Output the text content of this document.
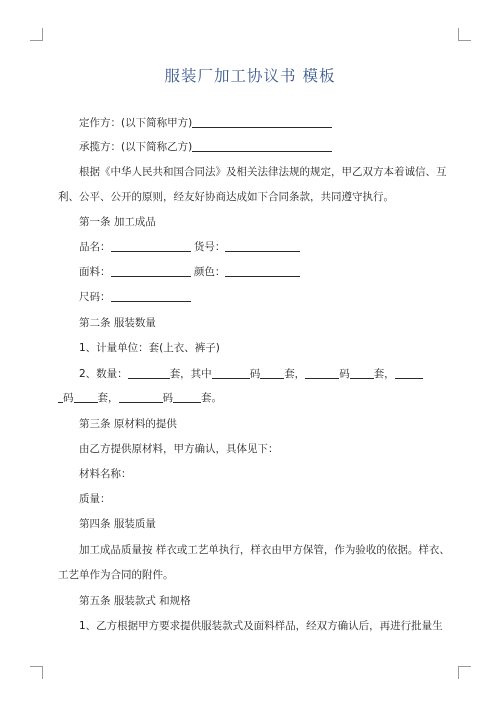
服装厂加工协议书 模板
定作方：(以下简称甲方)
承揽方：(以下简称乙方)
根据《中华人民共和国合同法》及相关法律法规的规定，甲乙双方本着诚信、互
利、公平、公开的原则，经友好协商达成如下合同条款，共同遵守执行。
第一条 加工成品
品名：	货号：
面料：	颜色：
尺码：
第二条 服装数量
1、计量单位：套(上衣、裤子)
2、数量：	套，其中	码 套，	码 套，
码 套，	码	套。
第三条 原材料的提供
由乙方提供原材料，甲方确认，具体见下：
材料名称：
质量：
第四条 服装质量
加工成品质量按 样衣或工艺单执行，样衣由甲方保管，作为验收的依据。样衣、
工艺单作为合同的附件。
第五条 服装款式 和规格
1、乙方根据甲方要求提供服装款式及面料样品，经双方确认后，再进行批量生
